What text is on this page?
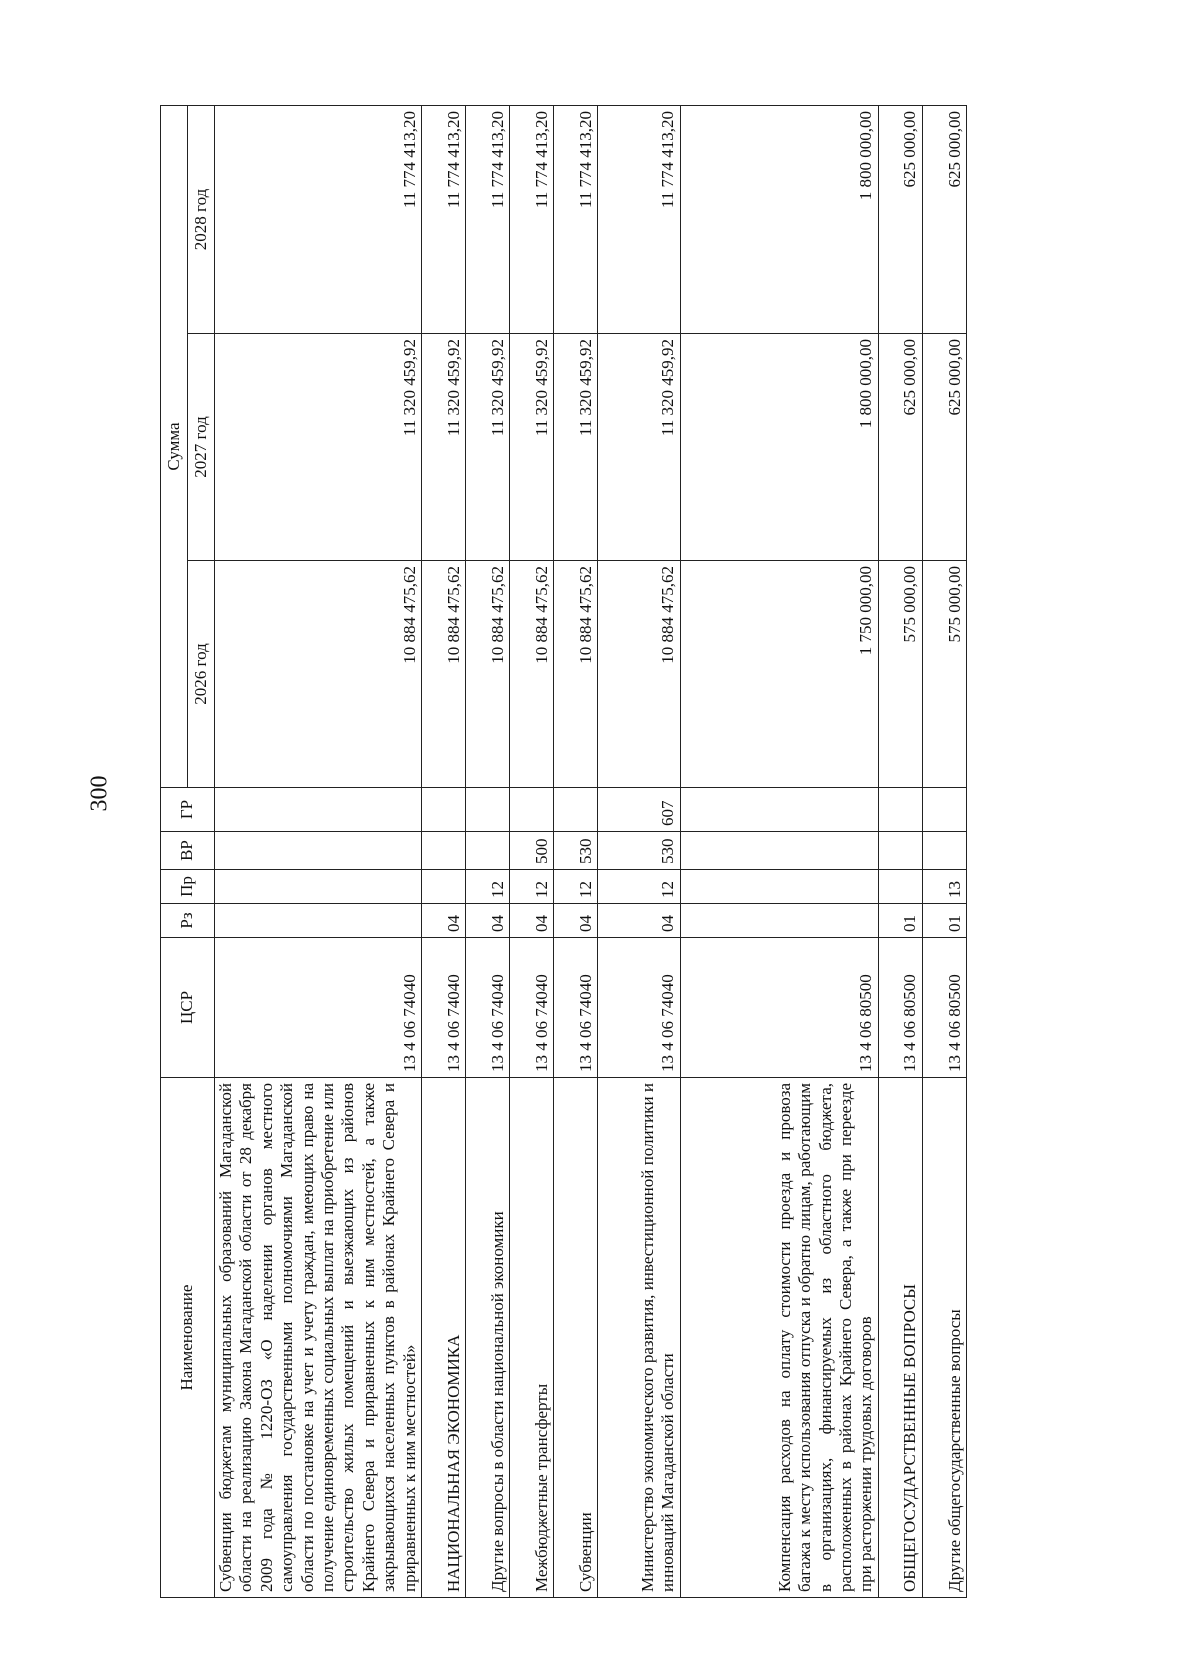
300
Наименование	ЦСР	Рз	Пр	ВР	ГР	Сумма		
						2026 год	2027 год	2028 год
Субвенции бюджетам муниципальных образований Магаданской области на реализацию Закона Магаданской области от 28 декабря 2009 года № 1220-ОЗ «О наделении органов местного самоуправления государственными полномочиями Магаданской области по постановке на учет и учету граждан, имеющих право на получение единовременных социальных выплат на приобретение или строительство жилых помещений и выезжающих из районов Крайнего Севера и приравненных к ним местностей, а также закрывающихся населенных пунктов в районах Крайнего Севера и приравненных к ним местностей»	13 4 06 74040					10 884 475,62	11 320 459,92	11 774 413,20
НАЦИОНАЛЬНАЯ ЭКОНОМИКА	13 4 06 74040	04				10 884 475,62	11 320 459,92	11 774 413,20
Другие вопросы в области национальной экономики	13 4 06 74040	04	12			10 884 475,62	11 320 459,92	11 774 413,20
Межбюджетные трансферты	13 4 06 74040	04	12	500		10 884 475,62	11 320 459,92	11 774 413,20
Субвенции	13 4 06 74040	04	12	530		10 884 475,62	11 320 459,92	11 774 413,20
Министерство экономического развития, инвестиционной политики и инноваций Магаданской области	13 4 06 74040	04	12	530	607	10 884 475,62	11 320 459,92	11 774 413,20
Компенсация расходов на оплату стоимости проезда и провоза багажа к месту использования отпуска и обратно лицам, работающим в организациях, финансируемых из областного бюджета, расположенных в районах Крайнего Севера, а также при переезде при расторжении трудовых договоров	13 4 06 80500					1 750 000,00	1 800 000,00	1 800 000,00
ОБЩЕГОСУДАРСТВЕННЫЕ ВОПРОСЫ	13 4 06 80500	01				575 000,00	625 000,00	625 000,00
Другие общегосударственные вопросы	13 4 06 80500	01	13			575 000,00	625 000,00	625 000,00
